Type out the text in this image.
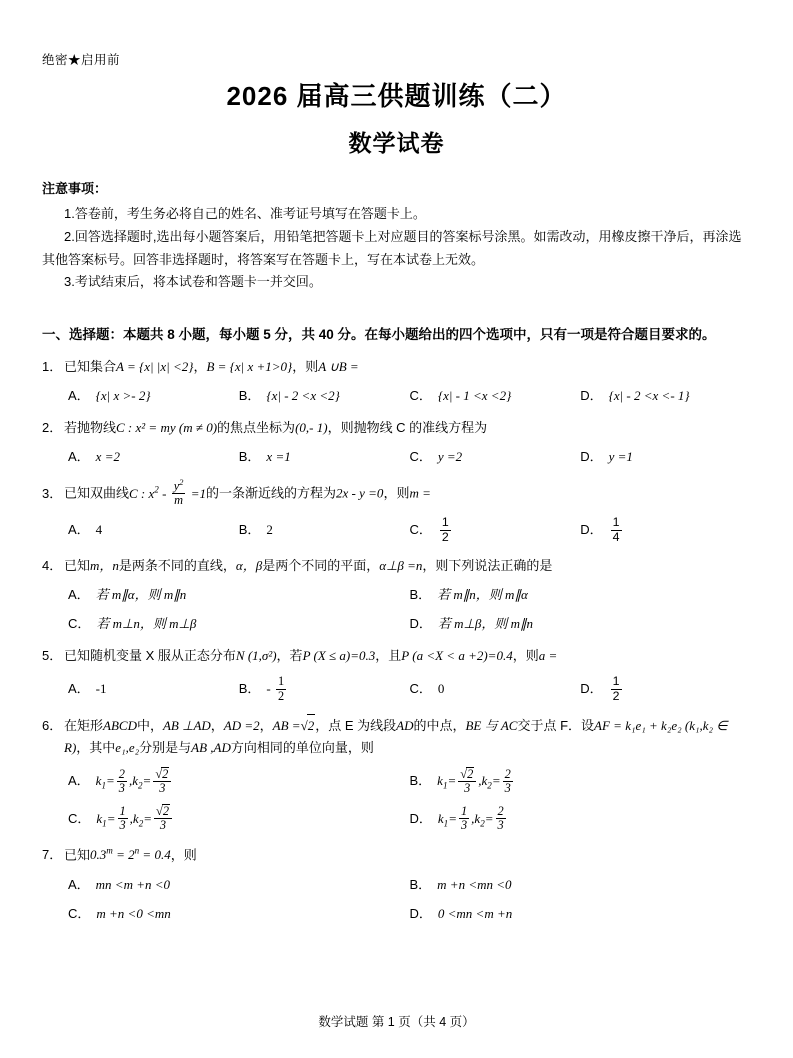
绝密★启用前
2026 届高三供题训练（二）
数学试卷
注意事项：

1.答卷前，考生务必将自己的姓名、准考证号填写在答题卡上。

2.回答选择题时,选出每小题答案后，用铅笔把答题卡上对应题目的答案标号涂黑。如需改动，用橡皮擦干净后，再涂选其他答案标号。回答非选择题时，将答案写在答题卡上，写在本试卷上无效。

3.考试结束后，将本试卷和答题卡一并交回。

一、选择题：本题共 8 小题，每小题 5 分，共 40 分。在每小题给出的四个选项中，只有一项是符合题目要求的。
1． 已知集合A = {x| |x| <2}，B = {x| x +1>0}，则A ∪B =
A． {x| x >- 2}	B． {x| - 2 <x <2}	C． {x| - 1 <x <2}	D． {x| - 2 <x <- 1}
2． 若抛物线C : x² = my (m ≠ 0)的焦点坐标为(0,- 1)，则抛物线 C 的准线方程为
A． x =2	B． x =1	C． y =2	D． y =1
3． 已知双曲线C : $x^2 - \frac{y^2}{m} =1$的一条渐近线的方程为2x - y =0，则m =
A． 4	B． 2	C． $\frac{1}{2}$	D． $\frac{1}{4}$
4． 已知m，n是两条不同的直线，α，β是两个不同的平面，α⊥β =n，则下列说法正确的是
A． 若 m∥α，则 m∥n	B． 若 m∥n，则 m∥α
C． 若 m⊥n，则 m⊥β	D． 若 m⊥β，则 m∥n
5． 已知随机变量 X 服从正态分布N (1,σ²)，若P (X ≤ a)=0.3，且P (a <X < a +2)=0.4，则a =
A． -1	B． - $\frac{1}{2}$	C． 0	D． $\frac{1}{2}$
6． 在矩形ABCD中，AB ⊥AD，AD =2，AB =√2，点 E 为线段AD的中点，BE 与 AC交于点 F．设AF = k₁e₁ + k₂e₂ (k₁,k₂ ∈ R)，其中e₁,e₂分别是与AB ,AD方向相同的单位向量，则
A． $k_1= \frac{2}{3} ,k_2= \frac{√2}{3}$	B． $k_1= \frac{√2}{3} ,k_2= \frac{2}{3}$
C． $k_1= \frac{1}{3} ,k_2= \frac{√2}{3}$	D． $k_1= \frac{1}{3} ,k_2= \frac{2}{3}$
7． 已知$0.3^m = 2^n = 0.4$，则
A． mn <m +n <0	B． m +n <mn <0
C． m +n <0 <mn	D． 0 <mn <m +n
数学试题 第 1 页（共 4 页）
